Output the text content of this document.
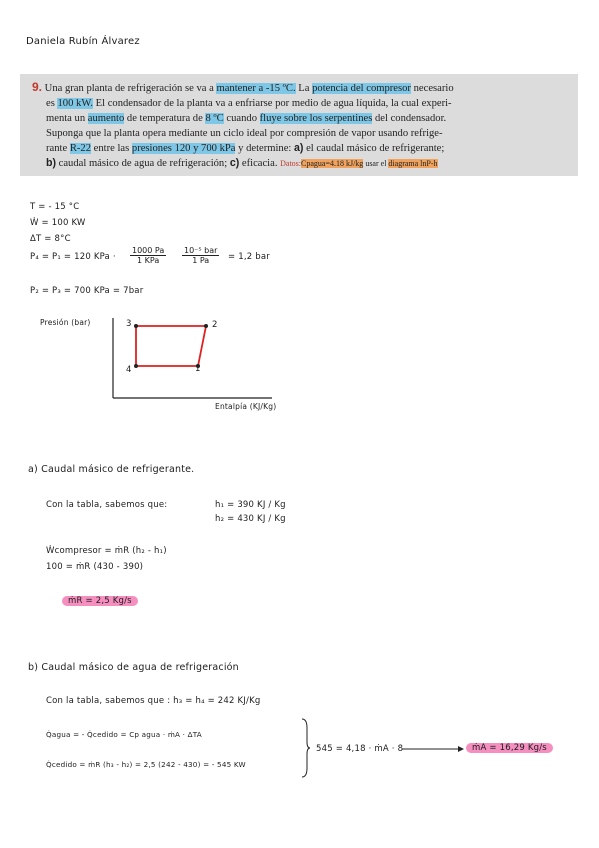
Daniela Rubín Álvarez
9. Una gran planta de refrigeración se va a mantener a -15 ºC. La potencia del compresor necesario
es 100 kW. El condensador de la planta va a enfriarse por medio de agua líquida, la cual experi-
menta un aumento de temperatura de 8 ºC cuando fluye sobre los serpentines del condensador.
Suponga que la planta opera mediante un ciclo ideal por compresión de vapor usando refrige-
rante R-22 entre las presiones 120 y 700 kPa y determine: a) el caudal másico de refrigerante;
b) caudal másico de agua de refrigeración; c) eficacia. Datos:Cpagua=4.18 kJ/kg usar el diagrama lnP-h
T = - 15 °C
Ẇ = 100 KW
ΔT = 8°C
P₄ = P₁ = 120 KPa ·
1000 Pa
1 KPa
10⁻⁵ bar
1 Pa	= 1,2 bar
P₂ = P₃ = 700 KPa = 7bar
Presión (bar)
Entalpía (KJ/Kg)
3	2
1
4
a) Caudal másico de refrigerante.
Con la tabla, sabemos que:	h₁ = 390 KJ / Kg
h₂ = 430 KJ / Kg
Ẇcompresor = ṁR (h₂ - h₁)
100 = ṁR (430 - 390)
ṁR = 2,5 Kg/s
b) Caudal másico de agua de refrigeración
Con la tabla, sabemos que : h₃ = h₄ = 242 KJ/Kg
Q̇agua = - Q̇cedido = Cp agua · ṁA · ΔTA
Q̇cedido = ṁR (h₃ - h₂) = 2,5 (242 - 430) = - 545 KW
545 = 4,18 · ṁA · 8	ṁA = 16,29 Kg/s
